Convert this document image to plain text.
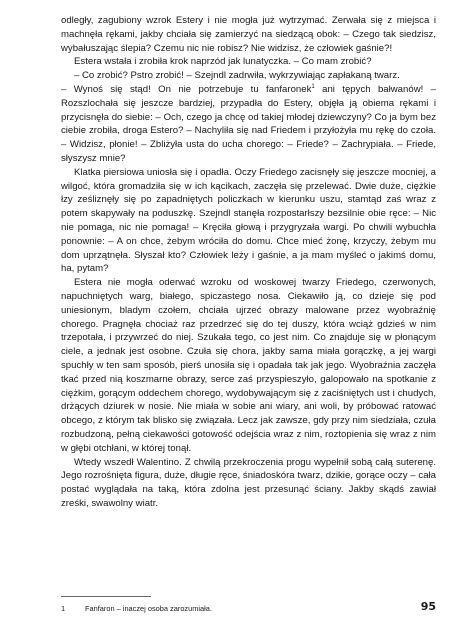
odległy, zagubiony wzrok Estery i nie mogła już wytrzymać. Zerwała się z miejsca i machnęła rękami, jakby chciała się zamierzyć na siedzącą obok: – Czego tak siedzisz, wybałuszając ślepia? Czemu nic nie robisz? Nie widzisz, że człowiek gaśnie?!

Estera wstała i zrobiła krok naprzód jak lunatyczka. – Co mam zrobić?

– Co zrobić? Pstro zrobić! – Szejndl zadrwiła, wykrzywiając zapłakaną twarz.

– Wynoś się stąd! On nie potrzebuje tu fanfaronek$^1$ ani tępych bałwanów! – Rozszlochała się jeszcze bardziej, przypadła do Estery, objęła ją obiema rękami i przycisnęła do siebie: – Och, czego ja chcę od takiej młodej dziewczyny? Co ja bym bez ciebie zrobiła, droga Estero? – Nachyliła się nad Friedem i przyłożyła mu rękę do czoła. – Widzisz, płonie! – Zbliżyła usta do ucha chorego: – Friede? – Zachrypiała. – Friede, słyszysz mnie?

Klatka piersiowa uniosła się i opadła. Oczy Friedego zacisnęły się jeszcze mocniej, a wilgoć, która gromadziła się w ich kącikach, zaczęła się przelewać. Dwie duże, ciężkie łzy ześliznęły się po zapadniętych policzkach w kierunku uszu, stamtąd zaś wraz z potem skapywały na poduszkę. Szejndl stanęła rozpostarłszy bezsilnie obie ręce: – Nic nie pomaga, nic nie pomaga! – Kręciła głową i przygryzała wargi. Po chwili wybuchła ponownie: – A on chce, żebym wróciła do domu. Chce mieć żonę, krzyczy, żebym mu dom uprzątnęła. Słyszał kto? Człowiek leży i gaśnie, a ja mam myśleć o jakimś domu, ha, pytam?

Estera nie mogła oderwać wzroku od woskowej twarzy Friedego, czerwonych, napuchniętych warg, białego, spiczastego nosa. Ciekawiło ją, co dzieje się pod uniesionym, bladym czołem, chciała ujrzeć obrazy malowane przez wyobraźnię chorego. Pragnęła chociaż raz przedrzeć się do tej duszy, która wciąż gdzieś w nim trzepotała, i przywrzeć do niej. Szukała tego, co jest nim. Co znajduje się w płonącym ciele, a jednak jest osobne. Czuła się chora, jakby sama miała gorączkę, a jej wargi spuchły w ten sam sposób, pierś unosiła się i opadała tak jak jego. Wyobraźnia zaczęła tkać przed nią koszmarne obrazy, serce zaś przyspieszyło, galopowało na spotkanie z ciężkim, gorącym oddechem chorego, wydobywającym się z zaciśniętych ust i chudych, drżących dziurek w nosie. Nie miała w sobie ani wiary, ani woli, by próbować ratować obcego, z którym tak blisko się związała. Lecz jak zawsze, gdy przy nim siedziała, czuła rozbudzoną, pełną ciekawości gotowość odejścia wraz z nim, roztopienia się wraz z nim w głębi otchłani, w której tonął.

Wtedy wszedł Walentino. Z chwilą przekroczenia progu wypełnił sobą całą suterenę. Jego rozrośnięta figura, duże, długie ręce, śniadoskóra twarz, dzikie, gorące oczy – cała postać wyglądała na taką, która zdolna jest przesunąć ściany. Jakby skądś zawiał zreśki, swawolny wiatr.

1	Fanfaron – inaczej osoba zarozumiała.	95
